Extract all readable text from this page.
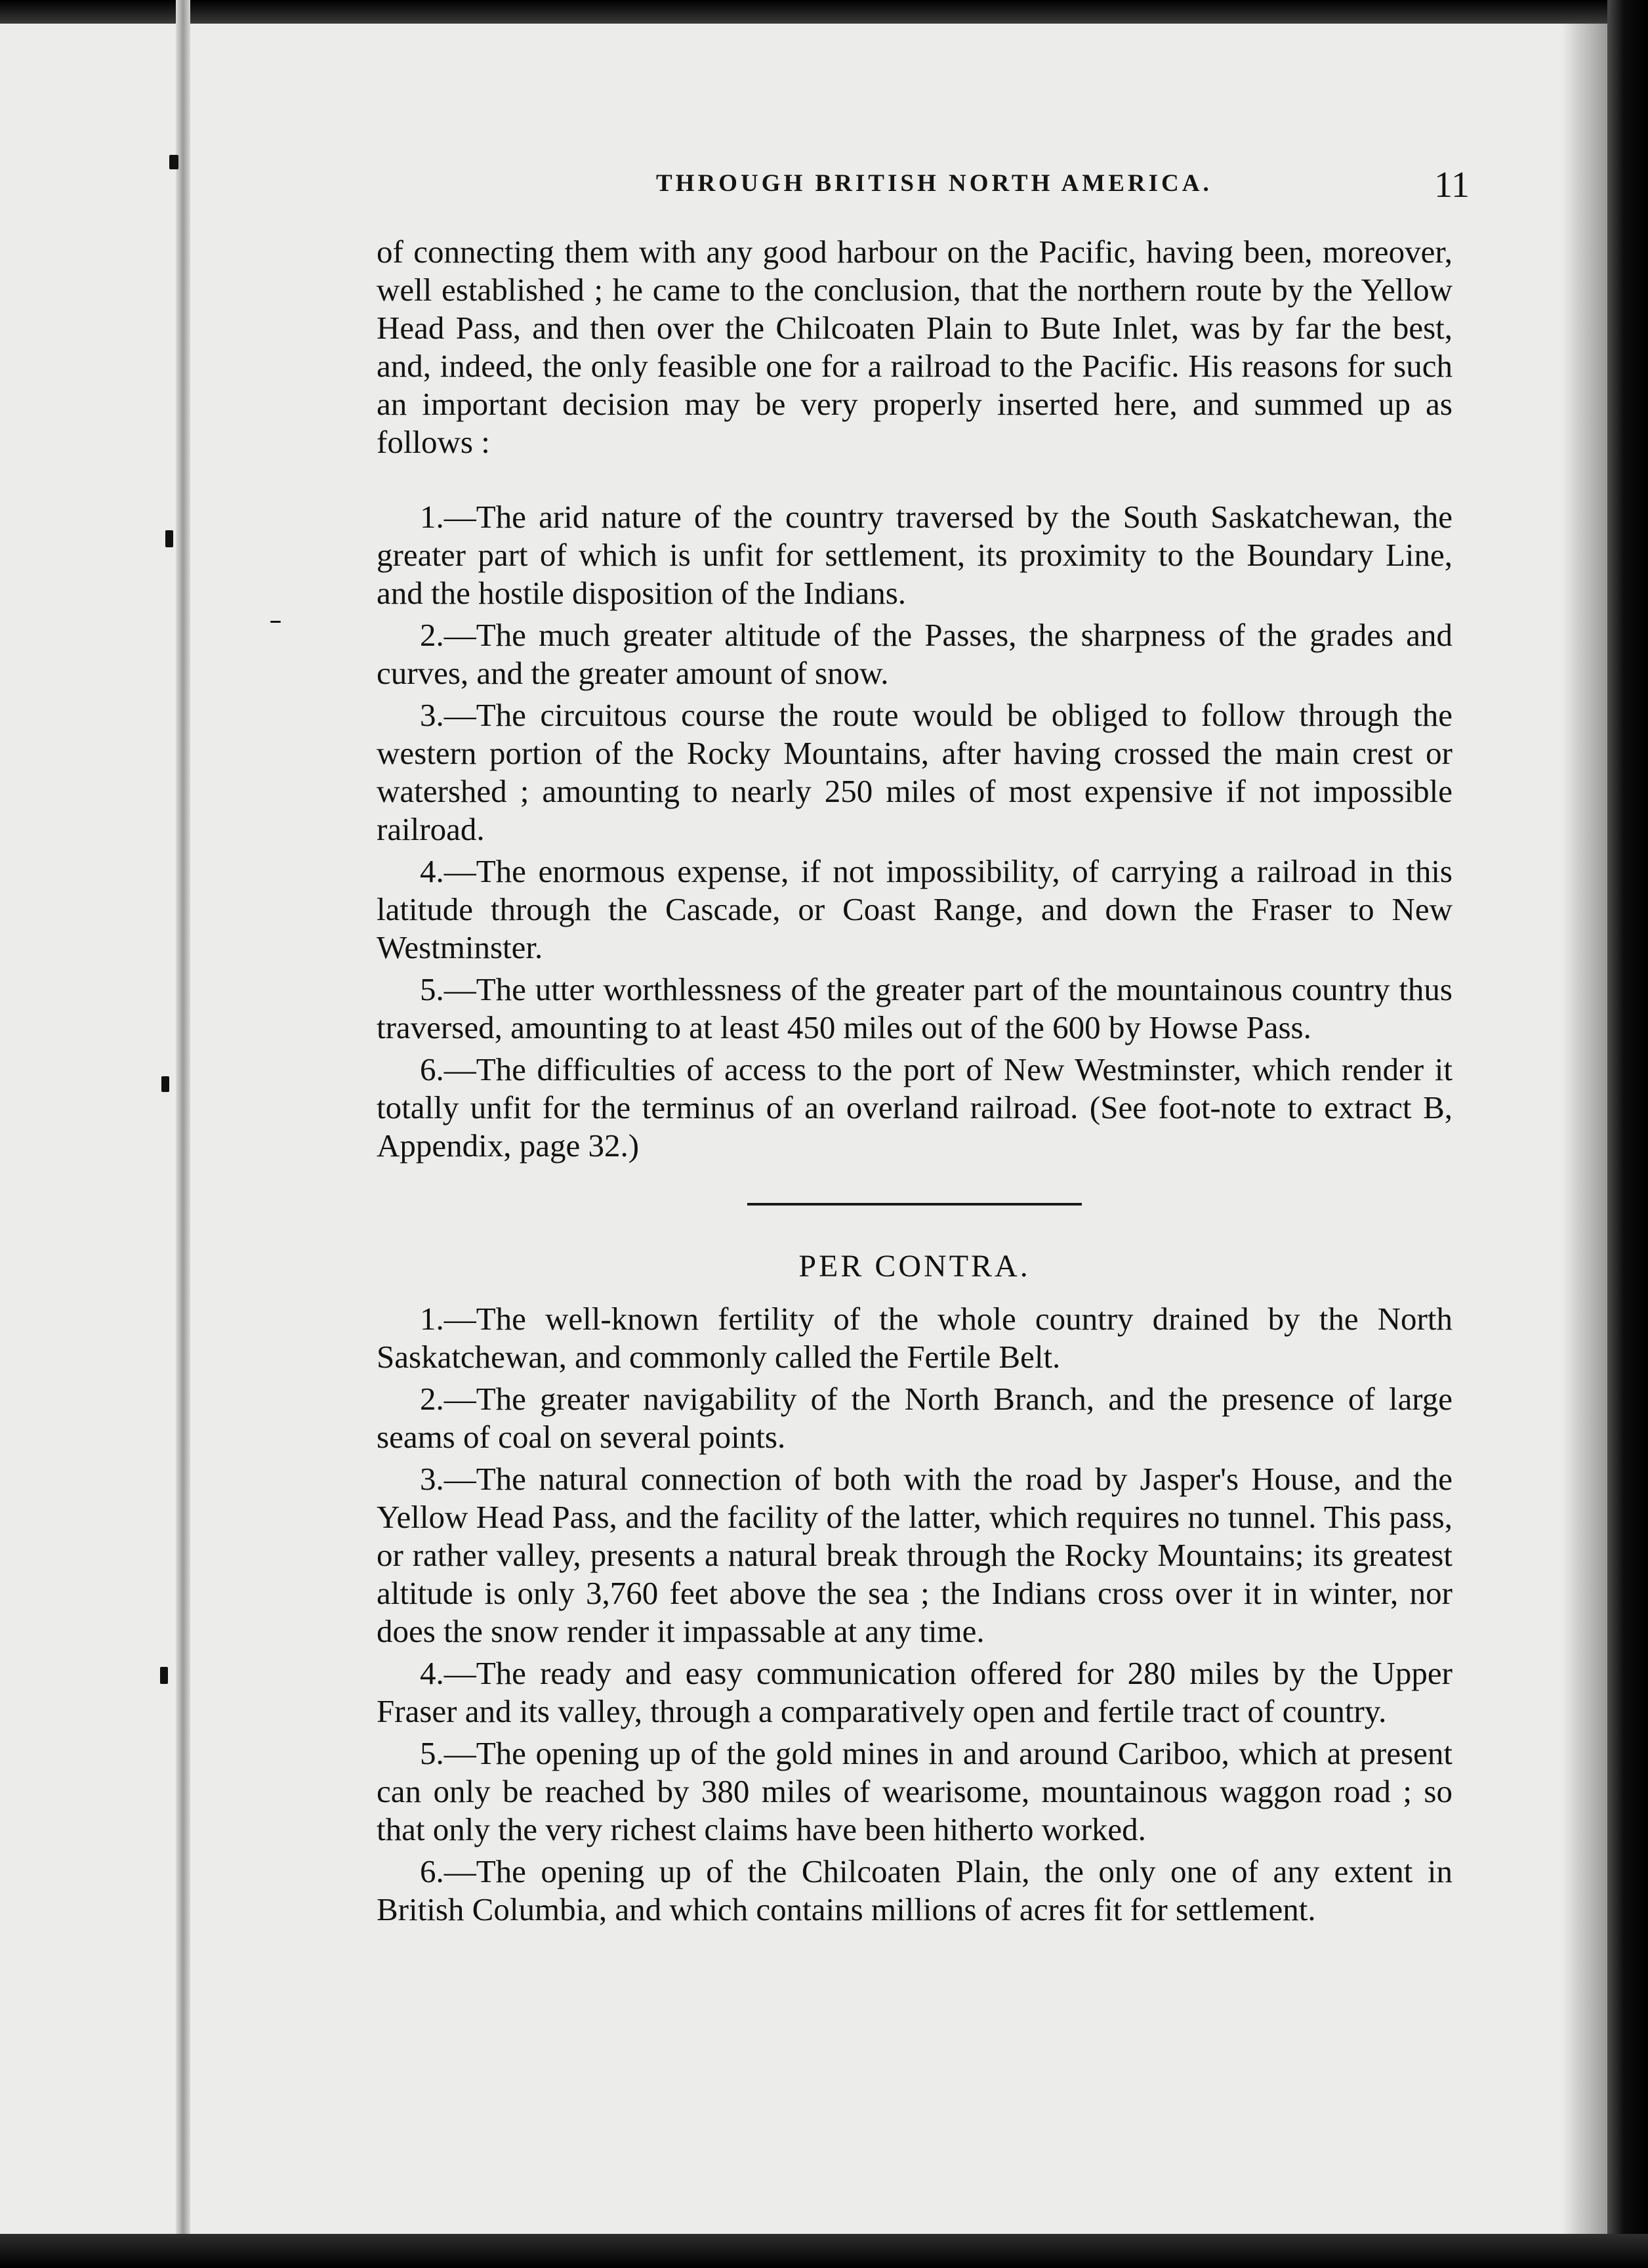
THROUGH BRITISH NORTH AMERICA.	11

of connecting them with any good harbour on the Pacific, having been, moreover, well established ; he came to the conclusion, that the northern route by the Yellow Head Pass, and then over the Chilcoaten Plain to Bute Inlet, was by far the best, and, indeed, the only feasible one for a railroad to the Pacific. His reasons for such an important decision may be very properly inserted here, and summed up as follows :

1.—The arid nature of the country traversed by the South Saskatchewan, the greater part of which is unfit for settlement, its proximity to the Boundary Line, and the hostile disposition of the Indians.

2.—The much greater altitude of the Passes, the sharpness of the grades and curves, and the greater amount of snow.

3.—The circuitous course the route would be obliged to follow through the western portion of the Rocky Mountains, after having crossed the main crest or watershed ; amounting to nearly 250 miles of most expensive if not impossible railroad.

4.—The enormous expense, if not impossibility, of carrying a railroad in this latitude through the Cascade, or Coast Range, and down the Fraser to New Westminster.

5.—The utter worthlessness of the greater part of the mountainous country thus traversed, amounting to at least 450 miles out of the 600 by Howse Pass.

6.—The difficulties of access to the port of New Westminster, which render it totally unfit for the terminus of an overland railroad. (See foot-note to extract B, Appendix, page 32.)

PER CONTRA.

1.—The well-known fertility of the whole country drained by the North Saskatchewan, and commonly called the Fertile Belt.

2.—The greater navigability of the North Branch, and the presence of large seams of coal on several points.

3.—The natural connection of both with the road by Jasper's House, and the Yellow Head Pass, and the facility of the latter, which requires no tunnel. This pass, or rather valley, presents a natural break through the Rocky Mountains; its greatest altitude is only 3,760 feet above the sea ; the Indians cross over it in winter, nor does the snow render it impassable at any time.

4.—The ready and easy communication offered for 280 miles by the Upper Fraser and its valley, through a comparatively open and fertile tract of country.

5.—The opening up of the gold mines in and around Cariboo, which at present can only be reached by 380 miles of wearisome, mountainous waggon road ; so that only the very richest claims have been hitherto worked.

6.—The opening up of the Chilcoaten Plain, the only one of any extent in British Columbia, and which contains millions of acres fit for settlement.
